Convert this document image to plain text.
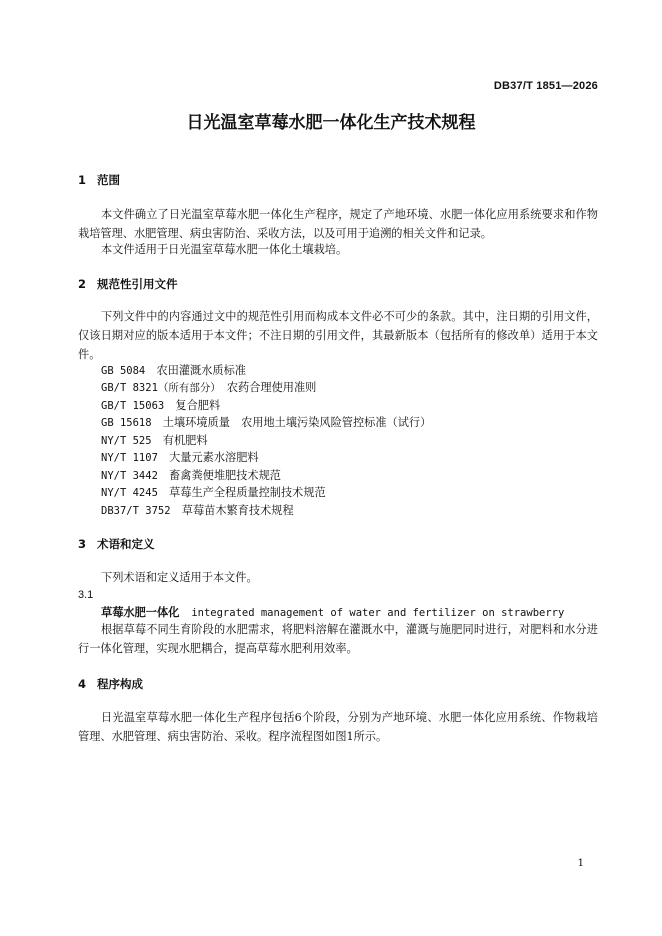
DB37/T 1851—2026
日光温室草莓水肥一体化生产技术规程
1 范围
本文件确立了日光温室草莓水肥一体化生产程序，规定了产地环境、水肥一体化应用系统要求和作物栽培管理、水肥管理、病虫害防治、采收方法，以及可用于追溯的相关文件和记录。
本文件适用于日光温室草莓水肥一体化土壤栽培。
2 规范性引用文件
下列文件中的内容通过文中的规范性引用而构成本文件必不可少的条款。其中，注日期的引用文件，仅该日期对应的版本适用于本文件；不注日期的引用文件，其最新版本（包括所有的修改单）适用于本文件。
GB 5084　 农田灌溉水质标准
GB/T 8321（所有部分）　 农药合理使用准则
GB/T 15063　 复合肥料
GB 15618　 土壤环境质量　农用地土壤污染风险管控标准（试行）
NY/T 525　 有机肥料
NY/T 1107　 大量元素水溶肥料
NY/T 3442　 畜禽粪便堆肥技术规范
NY/T 4245　 草莓生产全程质量控制技术规范
DB37/T 3752　 草莓苗木繁育技术规程
3 术语和定义
下列术语和定义适用于本文件。
3.1
草莓水肥一体化 integrated management of water and fertilizer on strawberry
根据草莓不同生育阶段的水肥需求，将肥料溶解在灌溉水中，灌溉与施肥同时进行，对肥料和水分进行一体化管理，实现水肥耦合，提高草莓水肥利用效率。
4 程序构成
日光温室草莓水肥一体化生产程序包括6个阶段，分别为产地环境、水肥一体化应用系统、作物栽培管理、水肥管理、病虫害防治、采收。程序流程图如图1所示。
1
